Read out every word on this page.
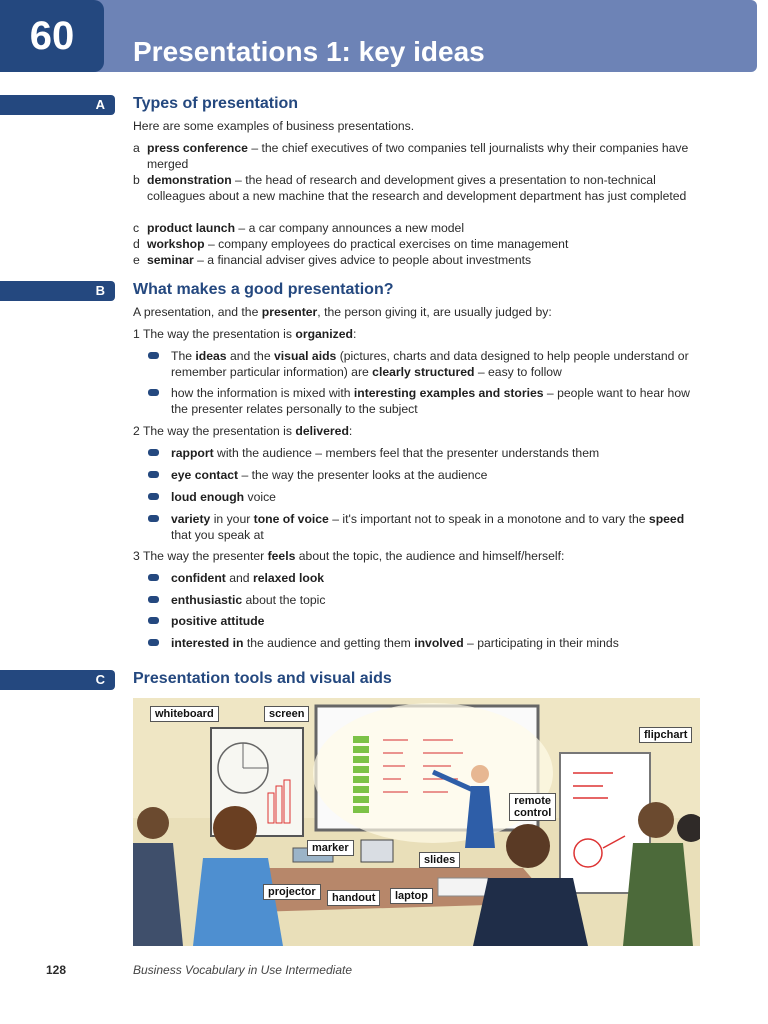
60	Presentations 1: key ideas
A	Types of presentation
Here are some examples of business presentations.
a press conference – the chief executives of two companies tell journalists why their companies have merged
b demonstration – the head of research and development gives a presentation to non-technical colleagues about a new machine that the research and development department has just completed
c product launch – a car company announces a new model
d workshop – company employees do practical exercises on time management
e seminar – a financial adviser gives advice to people about investments
B	What makes a good presentation?
A presentation, and the presenter, the person giving it, are usually judged by:
1 The way the presentation is organized:
The ideas and the visual aids (pictures, charts and data designed to help people understand or remember particular information) are clearly structured – easy to follow
how the information is mixed with interesting examples and stories – people want to hear how the presenter relates personally to the subject
2 The way the presentation is delivered:
rapport with the audience – members feel that the presenter understands them
eye contact – the way the presenter looks at the audience
loud enough voice
variety in your tone of voice – it's important not to speak in a monotone and to vary the speed that you speak at
3 The way the presenter feels about the topic, the audience and himself/herself:
confident and relaxed look
enthusiastic about the topic
positive attitude
interested in the audience and getting them involved – participating in their minds
C	Presentation tools and visual aids
whiteboard	screen
flipchart
remote
control
marker
slides
projector	handout	laptop
128	Business Vocabulary in Use Intermediate
